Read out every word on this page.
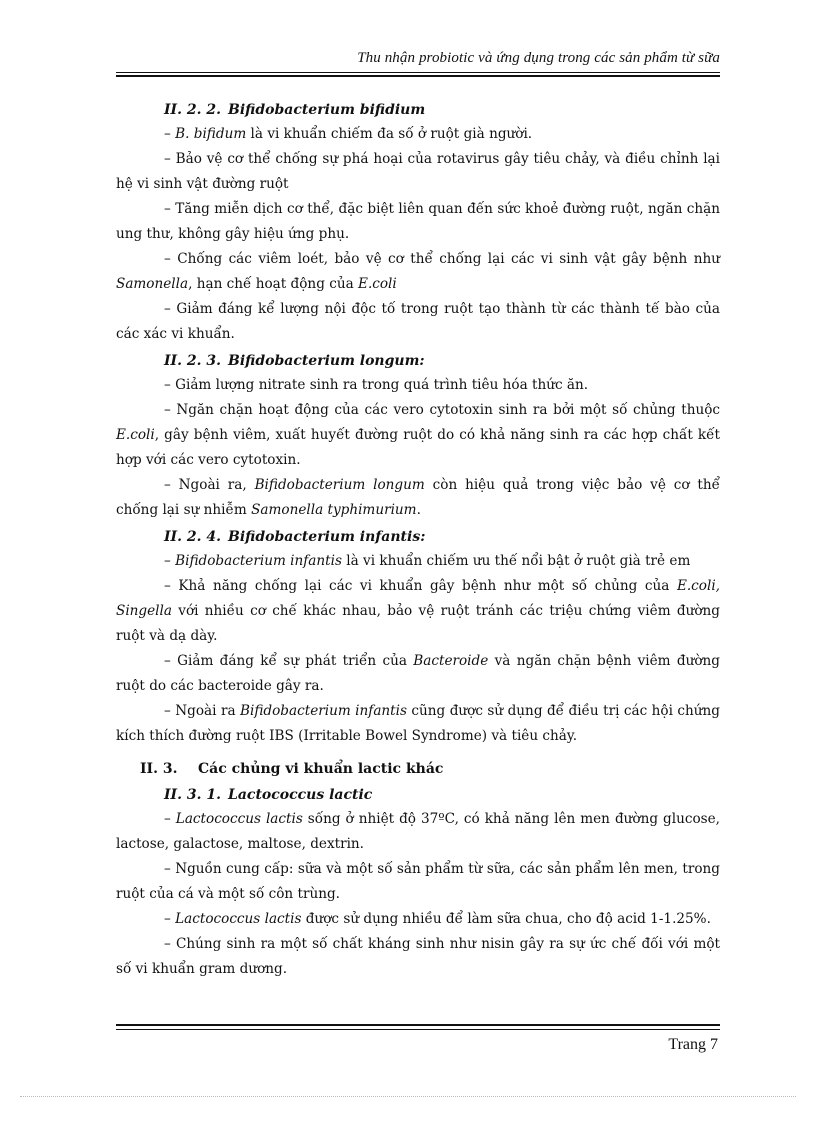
Thu nhận probiotic và ứng dụng trong các sản phẩm từ sữa
II. 2. 2. Bifidobacterium bifidium

– B. bifidum là vi khuẩn chiếm đa số ở ruột già người.

– Bảo vệ cơ thể chống sự phá hoại của rotavirus gây tiêu chảy, và điều chỉnh lại hệ vi sinh vật đường ruột

– Tăng miễn dịch cơ thể, đặc biệt liên quan đến sức khoẻ đường ruột, ngăn chặn ung thư, không gây hiệu ứng phụ.

– Chống các viêm loét, bảo vệ cơ thể chống lại các vi sinh vật gây bệnh như Samonella, hạn chế hoạt động của E.coli

– Giảm đáng kể lượng nội độc tố trong ruột tạo thành từ các thành tế bào của các xác vi khuẩn.

II. 2. 3. Bifidobacterium longum:

– Giảm lượng nitrate sinh ra trong quá trình tiêu hóa thức ăn.

– Ngăn chặn hoạt động của các vero cytotoxin sinh ra bởi một số chủng thuộc E.coli, gây bệnh viêm, xuất huyết đường ruột do có khả năng sinh ra các hợp chất kết hợp với các vero cytotoxin.

– Ngoài ra, Bifidobacterium longum còn hiệu quả trong việc bảo vệ cơ thể chống lại sự nhiễm Samonella typhimurium.

II. 2. 4. Bifidobacterium infantis:

– Bifidobacterium infantis là vi khuẩn chiếm ưu thế nổi bật ở ruột già trẻ em

– Khả năng chống lại các vi khuẩn gây bệnh như một số chủng của E.coli, Singella với nhiều cơ chế khác nhau, bảo vệ ruột tránh các triệu chứng viêm đường ruột và dạ dày.

– Giảm đáng kể sự phát triển của Bacteroide và ngăn chặn bệnh viêm đường ruột do các bacteroide gây ra.

– Ngoài ra Bifidobacterium infantis cũng được sử dụng để điều trị các hội chứng kích thích đường ruột IBS (Irritable Bowel Syndrome) và tiêu chảy.

II. 3. Các chủng vi khuẩn lactic khác
II. 3. 1. Lactococcus lactic

– Lactococcus lactis sống ở nhiệt độ 37ºC, có khả năng lên men đường glucose, lactose, galactose, maltose, dextrin.

– Nguồn cung cấp: sữa và một số sản phẩm từ sữa, các sản phẩm lên men, trong ruột của cá và một số côn trùng.

– Lactococcus lactis được sử dụng nhiều để làm sữa chua, cho độ acid 1-1.25%.

– Chúng sinh ra một số chất kháng sinh như nisin gây ra sự ức chế đối với một số vi khuẩn gram dương.

Trang 7
